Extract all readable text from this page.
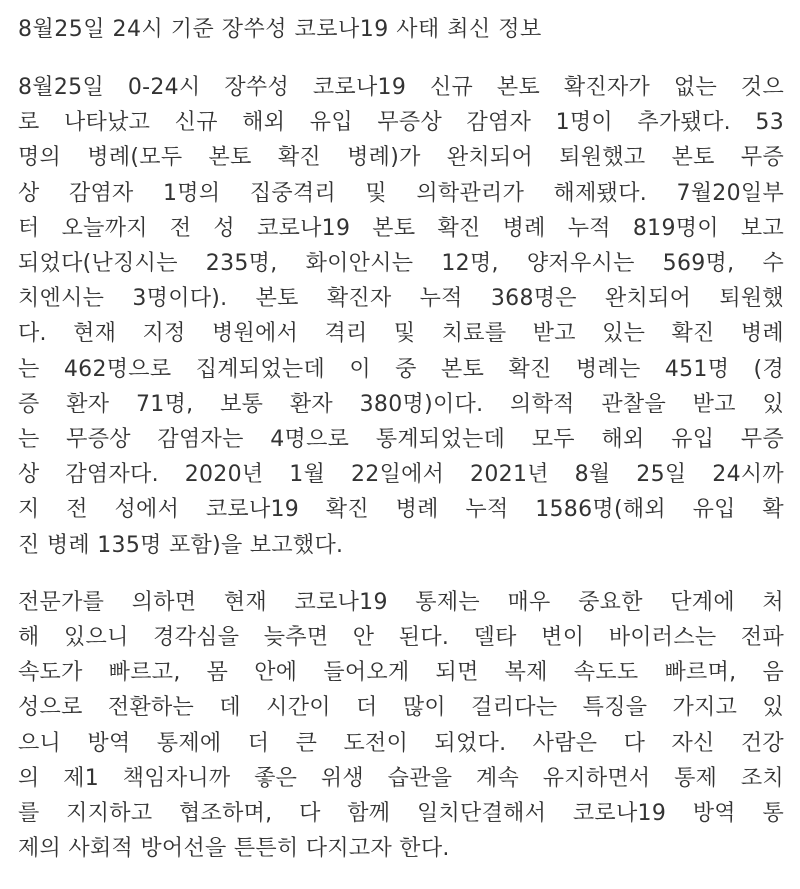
8월25일 24시 기준 장쑤성 코로나19 사태 최신 정보

8월25일 0-24시 장쑤성 코로나19 신규 본토 확진자가 없는 것으
로 나타났고 신규 해외 유입 무증상 감염자 1명이 추가됐다. 53
명의 병례(모두 본토 확진 병례)가 완치되어 퇴원했고 본토 무증
상 감염자 1명의 집중격리 및 의학관리가 해제됐다. 7월20일부
터 오늘까지 전 성 코로나19 본토 확진 병례 누적 819명이 보고
되었다(난징시는 235명, 화이안시는 12명, 양저우시는 569명, 수
치엔시는 3명이다). 본토 확진자 누적 368명은 완치되어 퇴원했
다. 현재 지정 병원에서 격리 및 치료를 받고 있는 확진 병례
는 462명으로 집계되었는데 이 중 본토 확진 병례는 451명 (경
증 환자 71명, 보통 환자 380명)이다. 의학적 관찰을 받고 있
는 무증상 감염자는 4명으로 통계되었는데 모두 해외 유입 무증
상 감염자다. 2020년 1월 22일에서 2021년 8월 25일 24시까
지 전 성에서 코로나19 확진 병례 누적 1586명(해외 유입 확
진 병례 135명 포함)을 보고했다.

전문가를 의하면 현재 코로나19 통제는 매우 중요한 단계에 처
해 있으니 경각심을 늦추면 안 된다. 델타 변이 바이러스는 전파
속도가 빠르고, 몸 안에 들어오게 되면 복제 속도도 빠르며, 음
성으로 전환하는 데 시간이 더 많이 걸리다는 특징을 가지고 있
으니 방역 통제에 더 큰 도전이 되었다. 사람은 다 자신 건강
의 제1 책임자니까 좋은 위생 습관을 계속 유지하면서 통제 조치
를 지지하고 협조하며, 다 함께 일치단결해서 코로나19 방역 통
제의 사회적 방어선을 튼튼히 다지고자 한다.
